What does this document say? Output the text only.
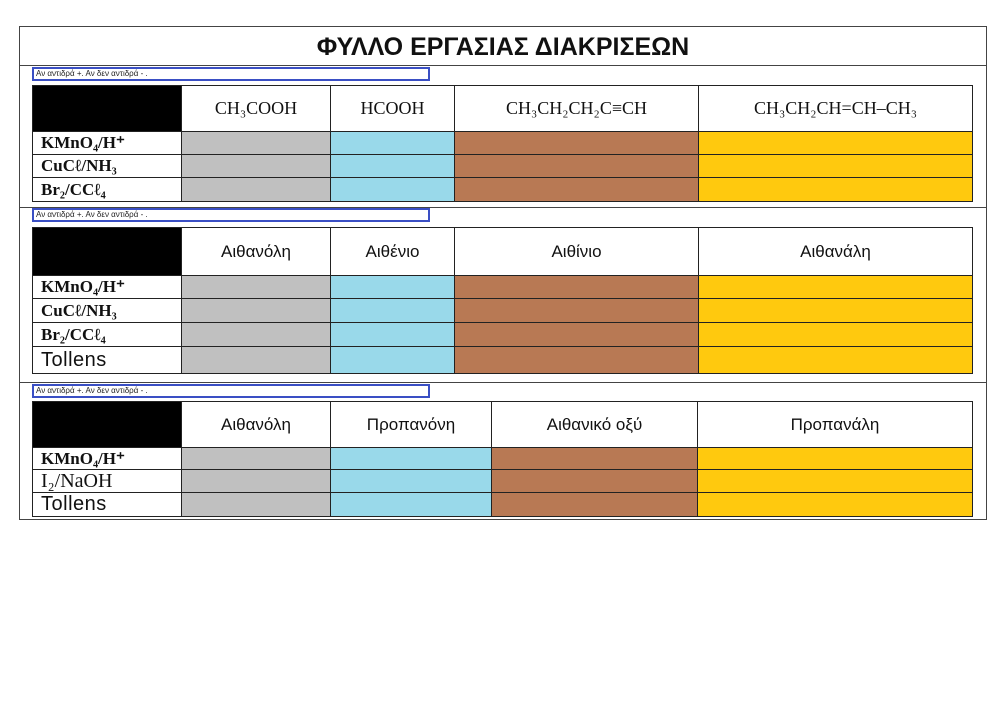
ΦΥΛΛΟ ΕΡΓΑΣΙΑΣ ΔΙΑΚΡΙΣΕΩΝ
Αν αντιδρά +. Αν δεν αντιδρά - .
CH₃COOH	HCOOH	CH₃CH₂CH₂C≡CH	CH₃CH₂CH=CH–CH₃
KMnO₄/H⁺
CuCℓ/NH₃
Br₂/CCℓ₄
Αν αντιδρά +. Αν δεν αντιδρά - .
Αιθανόλη	Αιθένιο	Αιθίνιο	Αιθανάλη
KMnO₄/H⁺
CuCℓ/NH₃
Br₂/CCℓ₄
Tollens
Αν αντιδρά +. Αν δεν αντιδρά - .
Αιθανόλη	Προπανόνη	Αιθανικό οξύ	Προπανάλη
KMnO₄/H⁺
I₂/NaOH
Tollens
